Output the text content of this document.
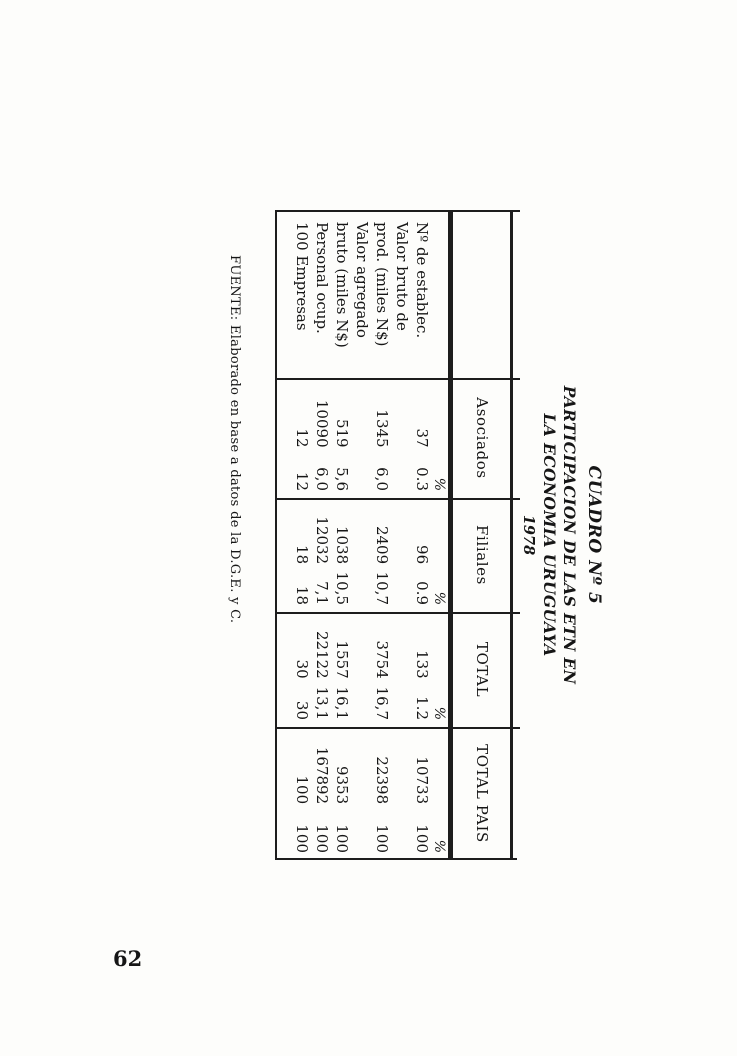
CUADRO Nº 5
PARTICIPACION DE LAS ETN EN
LA ECONOMIA URUGUAYA
1978
Asociados
Filiales
TOTAL
TOTAL PAIS
%
%
%
%
Nº de establec.
37
0.3
96
0.9
133
1.2
10733
100
Valor bruto de
prod. (miles N$)
1345
6,0
2409
10,7
3754
16,7
22398
100
Valor agregado
bruto (miles N$)
519
5,6
1038
10,5
1557
16,1
9353
100
Personal ocup.
10090
6,0
12032
7,1
22122
13,1
167892
100
100 Empresas
12
12
18
18
30
30
100
100
FUENTE: Elaborado en base a datos de la D.G.E. y C.
62
